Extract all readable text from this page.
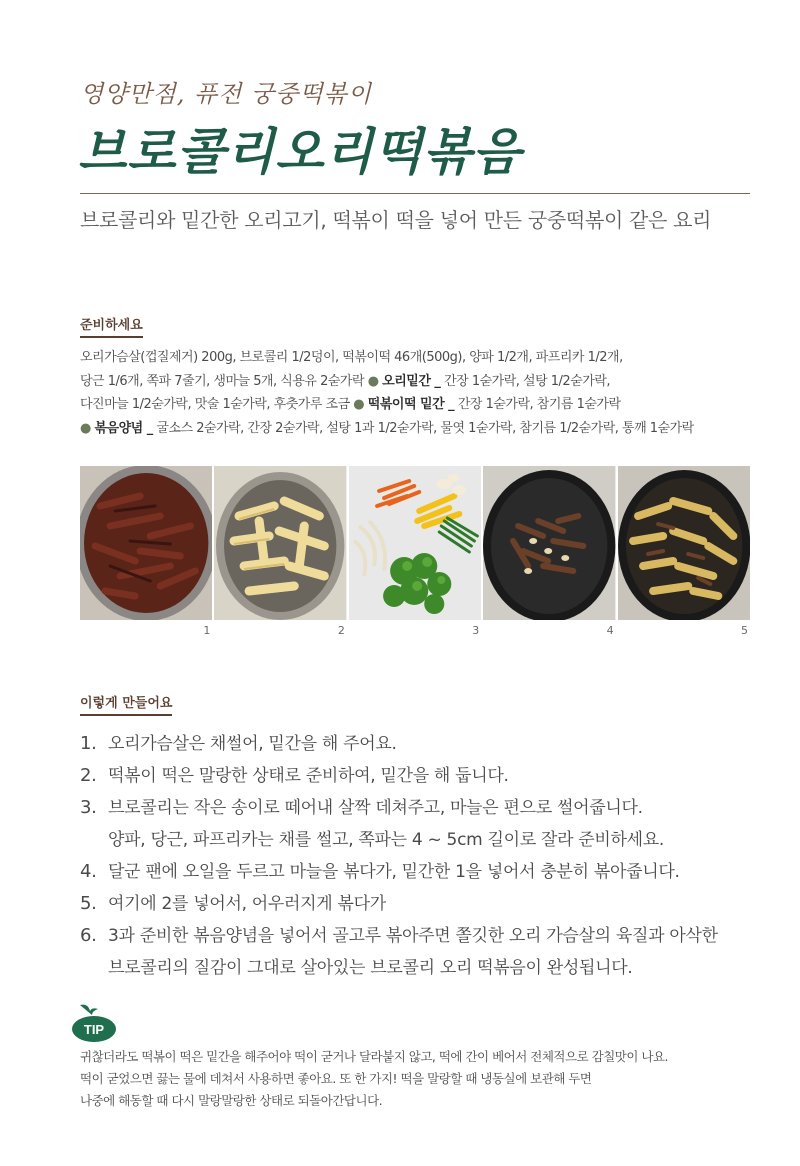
영양만점, 퓨전 궁중떡볶이
브로콜리오리떡볶음
브로콜리와 밑간한 오리고기, 떡볶이 떡을 넣어 만든 궁중떡볶이 같은 요리
준비하세요
오리가슴살(껍질제거) 200g, 브로콜리 1/2덩이, 떡볶이떡 46개(500g), 양파 1/2개, 파프리카 1/2개,
당근 1/6개, 쪽파 7줄기, 생마늘 5개, 식용유 2숟가락 ● 오리밑간 _ 간장 1숟가락, 설탕 1/2숟가락,
다진마늘 1/2숟가락, 맛술 1숟가락, 후춧가루 조금 ● 떡볶이떡 밑간 _ 간장 1숟가락, 참기름 1숟가락
● 볶음양념 _ 굴소스 2숟가락, 간장 2숟가락, 설탕 1과 1/2숟가락, 물엿 1숟가락, 참기름 1/2숟가락, 통깨 1숟가락
1	2	3	4	5
이렇게 만들어요
1. 오리가슴살은 채썰어, 밑간을 해 주어요.
2. 떡볶이 떡은 말랑한 상태로 준비하여, 밑간을 해 둡니다.
3. 브로콜리는 작은 송이로 떼어내 살짝 데쳐주고, 마늘은 편으로 썰어줍니다.
양파, 당근, 파프리카는 채를 썰고, 쪽파는 4 ~ 5cm 길이로 잘라 준비하세요.
4. 달군 팬에 오일을 두르고 마늘을 볶다가, 밑간한 1을 넣어서 충분히 볶아줍니다.
5. 여기에 2를 넣어서, 어우러지게 볶다가
6. 3과 준비한 볶음양념을 넣어서 골고루 볶아주면 쫄깃한 오리 가슴살의 육질과 아삭한
브로콜리의 질감이 그대로 살아있는 브로콜리 오리 떡볶음이 완성됩니다.
TIP
귀찮더라도 떡볶이 떡은 밑간을 해주어야 떡이 굳거나 달라붙지 않고, 떡에 간이 베어서 전체적으로 감칠맛이 나요.
떡이 굳었으면 끓는 물에 데쳐서 사용하면 좋아요. 또 한 가지! 떡을 말랑할 때 냉동실에 보관해 두면
나중에 해동할 때 다시 말랑말랑한 상태로 되돌아간답니다.
